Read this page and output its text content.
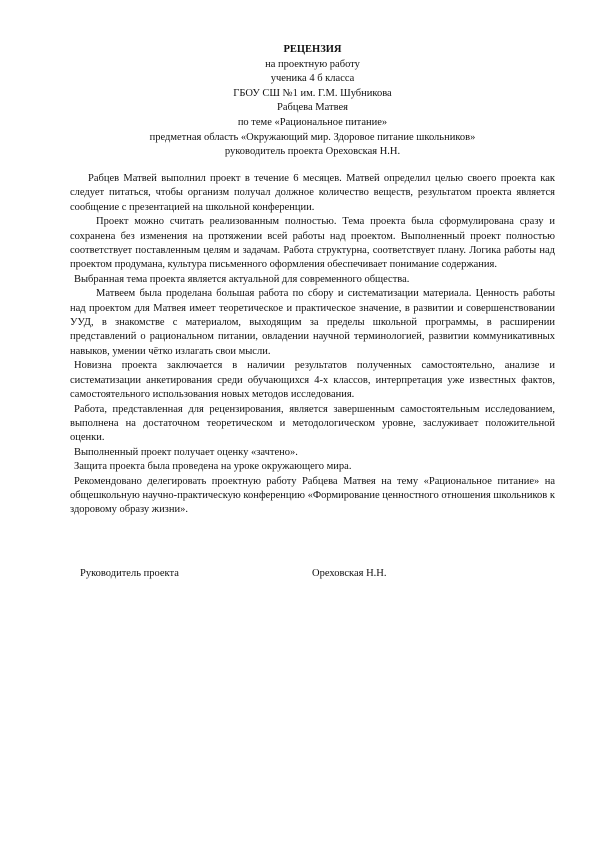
РЕЦЕНЗИЯ
на проектную работу
ученика 4 б класса
ГБОУ СШ №1 им. Г.М. Шубникова
Рабцева Матвея
по теме «Рациональное питание»
предметная область «Окружающий мир. Здоровое питание школьников»
руководитель проекта Ореховская Н.Н.

Рабцев Матвей выполнил проект в течение 6 месяцев. Матвей определил целью своего проекта как следует питаться, чтобы организм получал должное количество веществ, результатом проекта является сообщение с презентацией на школьной конференции.

Проект можно считать реализованным полностью. Тема проекта была сформулирована сразу и сохранена без изменения на протяжении всей работы над проектом. Выполненный проект полностью соответствует поставленным целям и задачам. Работа структурна, соответствует плану. Логика работы над проектом продумана, культура письменного оформления обеспечивает понимание содержания.

Выбранная тема проекта является актуальной для современного общества.

Матвеем была проделана большая работа по сбору и систематизации материала. Ценность работы над проектом для Матвея имеет теоретическое и практическое значение, в развитии и совершенствовании УУД, в знакомстве с материалом, выходящим за пределы школьной программы, в расширении представлений о рациональном питании, овладении научной терминологией, развитии коммуникативных навыков, умении чётко излагать свои мысли.

Новизна проекта заключается в наличии результатов полученных самостоятельно, анализе и систематизации анкетирования среди обучающихся 4-х классов, интерпретация уже известных фактов, самостоятельного использования новых методов исследования.

Работа, представленная для рецензирования, является завершенным самостоятельным исследованием, выполнена на достаточном теоретическом и методологическом уровне, заслуживает положительной оценки.

Выполненный проект получает оценку «зачтено».

Защита проекта была проведена на уроке окружающего мира.

Рекомендовано делегировать проектную работу Рабцева Матвея на тему «Рациональное питание» на общешкольную научно-практическую конференцию «Формирование ценностного отношения школьников к здоровому образу жизни».

Руководитель проекта	Ореховская Н.Н.
